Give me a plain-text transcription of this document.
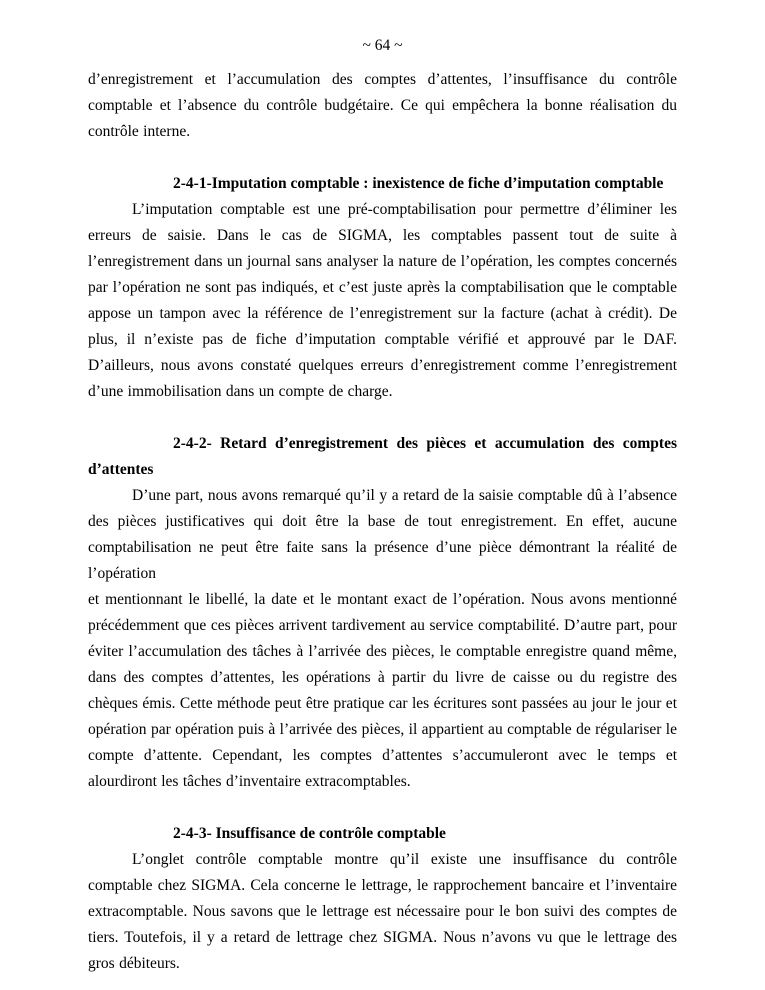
~ 64 ~

d’enregistrement et l’accumulation des comptes d’attentes, l’insuffisance du contrôle comptable et l’absence du contrôle budgétaire. Ce qui empêchera la bonne réalisation du contrôle interne.

2-4-1-Imputation comptable : inexistence de fiche d’imputation comptable

L’imputation comptable est une pré-comptabilisation pour permettre d’éliminer les erreurs de saisie. Dans le cas de SIGMA, les comptables passent tout de suite à l’enregistrement dans un journal sans analyser la nature de l’opération, les comptes concernés par l’opération ne sont pas indiqués, et c’est juste après la comptabilisation que le comptable appose un tampon avec la référence de l’enregistrement sur la facture (achat à crédit). De plus, il n’existe pas de fiche d’imputation comptable vérifié et approuvé par le DAF. D’ailleurs, nous avons constaté quelques erreurs d’enregistrement comme l’enregistrement d’une immobilisation dans un compte de charge.

2-4-2- Retard d’enregistrement des pièces et accumulation des comptes d’attentes

D’une part, nous avons remarqué qu’il y a retard de la saisie comptable dû à l’absence des pièces justificatives qui doit être la base de tout enregistrement. En effet, aucune comptabilisation ne peut être faite sans la présence d’une pièce démontrant la réalité de l’opération

et mentionnant le libellé, la date et le montant exact de l’opération. Nous avons mentionné précédemment que ces pièces arrivent tardivement au service comptabilité. D’autre part, pour éviter l’accumulation des tâches à l’arrivée des pièces, le comptable enregistre quand même, dans des comptes d’attentes, les opérations à partir du livre de caisse ou du registre des chèques émis. Cette méthode peut être pratique car les écritures sont passées au jour le jour et opération par opération puis à l’arrivée des pièces, il appartient au comptable de régulariser le compte d’attente. Cependant, les comptes d’attentes s’accumuleront avec le temps et alourdiront les tâches d’inventaire extracomptables.

2-4-3- Insuffisance de contrôle comptable

L’onglet contrôle comptable montre qu’il existe une insuffisance du contrôle comptable chez SIGMA. Cela concerne le lettrage, le rapprochement bancaire et l’inventaire extracomptable. Nous savons que le lettrage est nécessaire pour le bon suivi des comptes de tiers. Toutefois, il y a retard de lettrage chez SIGMA. Nous n’avons vu que le lettrage des gros débiteurs.
